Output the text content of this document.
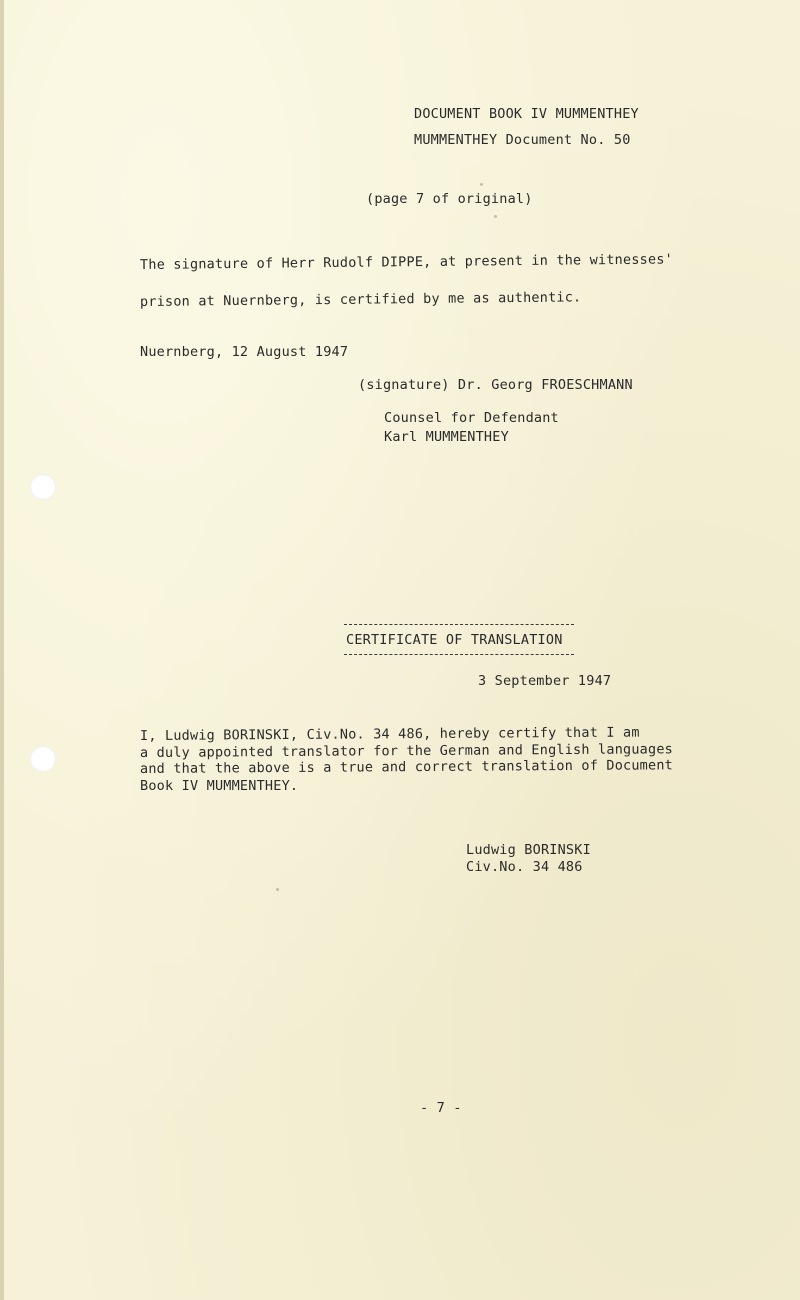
DOCUMENT BOOK IV MUMMENTHEY

MUMMENTHEY Document No. 50

(page 7 of original)

The signature of Herr Rudolf DIPPE, at present in the witnesses'

prison at Nuernberg, is certified by me as authentic.

Nuernberg, 12 August 1947

(signature) Dr. Georg FROESCHMANN

Counsel for Defendant

Karl MUMMENTHEY

CERTIFICATE OF TRANSLATION

3 September 1947

I, Ludwig BORINSKI, Civ.No. 34 486, hereby certify that I am

a duly appointed translator for the German and English languages

and that the above is a true and correct translation of Document

Book IV MUMMENTHEY.

Ludwig BORINSKI

Civ.No. 34 486

- 7 -
